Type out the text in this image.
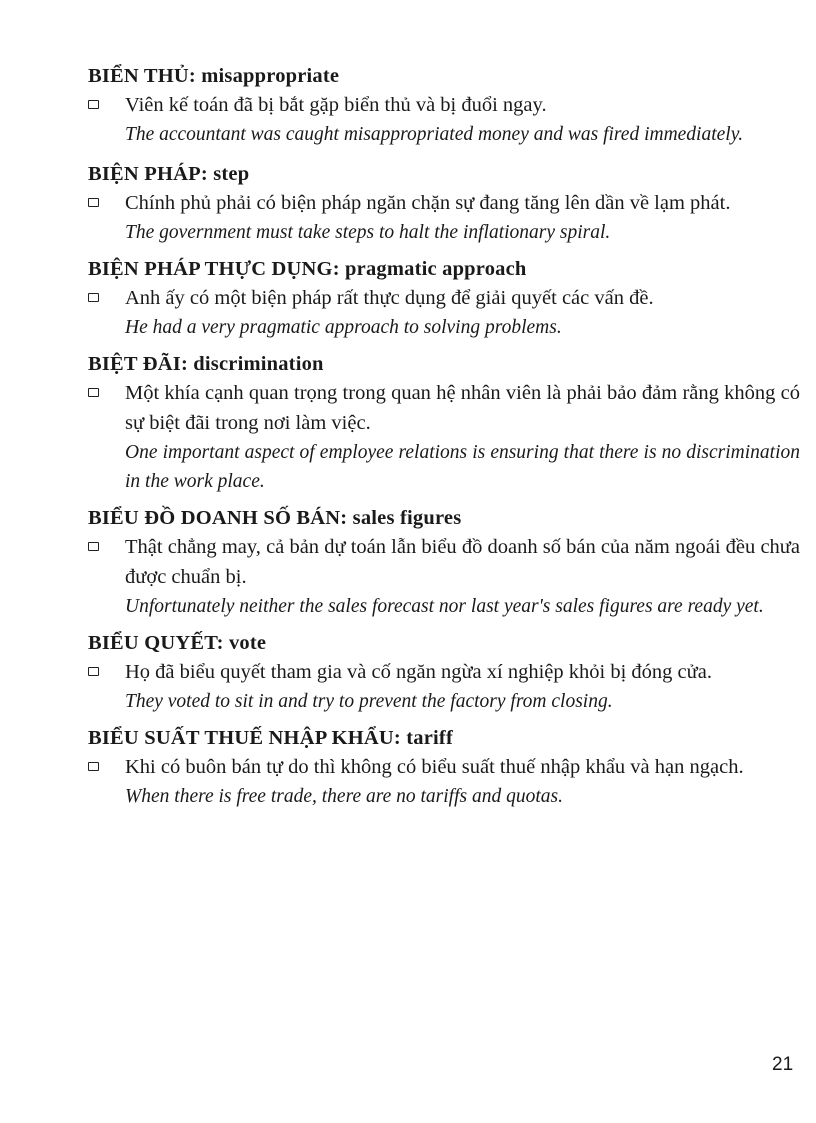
BIỂN THỦ: misappropriate

Viên kế toán đã bị bắt gặp biển thủ và bị đuổi ngay.

The accountant was caught misappropriated money and was fired immediately.

BIỆN PHÁP: step

Chính phủ phải có biện pháp ngăn chặn sự đang tăng lên dần về lạm phát.

The government must take steps to halt the inflationary spiral.

BIỆN PHÁP THỰC DỤNG: pragmatic approach

Anh ấy có một biện pháp rất thực dụng để giải quyết các vấn đề.

He had a very pragmatic approach to solving problems.

BIỆT ĐÃI: discrimination

Một khía cạnh quan trọng trong quan hệ nhân viên là phải bảo đảm rằng không có sự biệt đãi trong nơi làm việc.

One important aspect of employee relations is ensuring that there is no discrimination in the work place.

BIỂU ĐỒ DOANH SỐ BÁN: sales figures

Thật chẳng may, cả bản dự toán lẫn biểu đồ doanh số bán của năm ngoái đều chưa được chuẩn bị.

Unfortunately neither the sales forecast nor last year's sales figures are ready yet.

BIỂU QUYẾT: vote

Họ đã biểu quyết tham gia và cố ngăn ngừa xí nghiệp khỏi bị đóng cửa.

They voted to sit in and try to prevent the factory from closing.

BIỂU SUẤT THUẾ NHẬP KHẨU: tariff

Khi có buôn bán tự do thì không có biểu suất thuế nhập khẩu và hạn ngạch.

When there is free trade, there are no tariffs and quotas.

21
